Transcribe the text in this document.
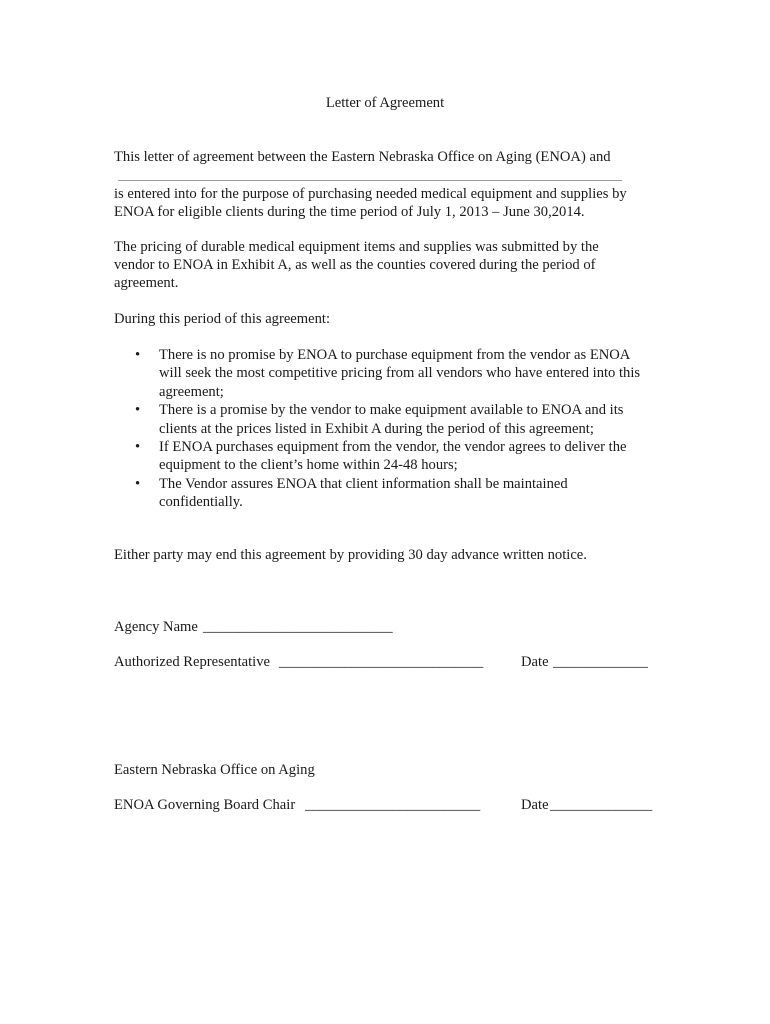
Letter of Agreement
This letter of agreement between the Eastern Nebraska Office on Aging (ENOA) and
is entered into for the purpose of purchasing needed medical equipment and supplies by
ENOA for eligible clients during the time period of July 1, 2013 – June 30,2014.
The pricing of durable medical equipment items and supplies was submitted by the
vendor to ENOA in Exhibit A, as well as the counties covered during the period of
agreement.
During this period of this agreement:
• There is no promise by ENOA to purchase equipment from the vendor as ENOA
will seek the most competitive pricing from all vendors who have entered into this
agreement;
• There is a promise by the vendor to make equipment available to ENOA and its
clients at the prices listed in Exhibit A during the period of this agreement;
• If ENOA purchases equipment from the vendor, the vendor agrees to deliver the
equipment to the client’s home within 24-48 hours;
• The Vendor assures ENOA that client information shall be maintained
confidentially.
Either party may end this agreement by providing 30 day advance written notice.
Agency Name __________________________
Authorized Representative ____________________________	Date _____________
Eastern Nebraska Office on Aging
ENOA Governing Board Chair ________________________	Date ______________
